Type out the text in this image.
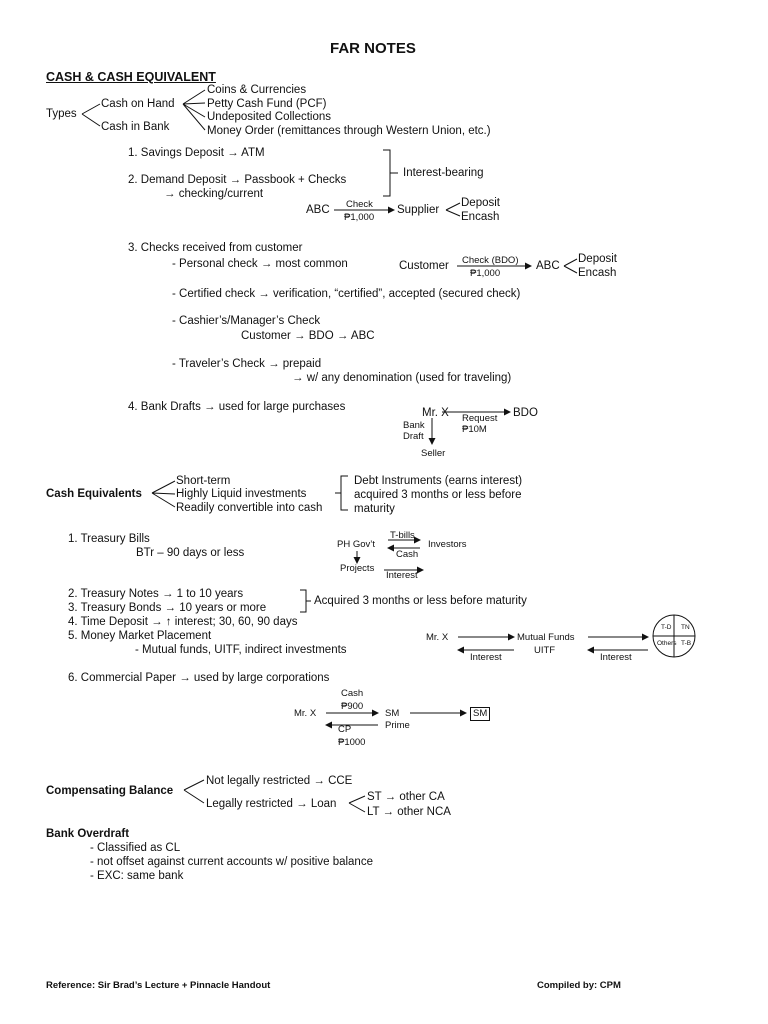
FAR NOTES
CASH & CASH EQUIVALENT
Types
Cash on Hand
Cash in Bank
Coins & Currencies
Petty Cash Fund (PCF)
Undeposited Collections
Money Order (remittances through Western Union, etc.)
1. Savings Deposit → ATM
2. Demand Deposit → Passbook + Checks
→ checking/current
Interest-bearing
ABC Check
₱1,000
Supplier
Deposit
Encash
3. Checks received from customer
- Personal check → most common	Customer Check (BDO)
₱1,000
ABC
Deposit
Encash
- Certified check → verification, “certified”, accepted (secured check)
- Cashier’s/Manager’s Check
Customer → BDO → ABC
- Traveler’s Check → prepaid
→ w/ any denomination (used for traveling)
4. Bank Drafts → used for large purchases	Mr. X	BDO
Request
₱10M
Bank
Draft
Seller
Cash Equivalents
Short-term
Highly Liquid investments
Readily convertible into cash
Debt Instruments (earns interest)
acquired 3 months or less before
maturity
1. Treasury Bills
BTr – 90 days or less
PH Gov’t	Investors
T-bills
Cash
Projects
Interest
2. Treasury Notes → 1 to 10 years
3. Treasury Bonds → 10 years or more
Acquired 3 months or less before maturity
4. Time Deposit → ↑ interest; 30, 60, 90 days
5. Money Market Placement
- Mutual funds, UITF, indirect investments
Mr. X	Mutual Funds
UITF
Interest	Interest
T-D TN
Others T-B
6. Commercial Paper → used by large corporations
Cash
₱900
Mr. X	SM
Prime
CP
₱1000
SM
Compensating Balance
Not legally restricted → CCE
Legally restricted → Loan
ST → other CA
LT → other NCA
Bank Overdraft
- Classified as CL
- not offset against current accounts w/ positive balance
- EXC: same bank
Reference: Sir Brad’s Lecture + Pinnacle Handout	Compiled by: CPM
